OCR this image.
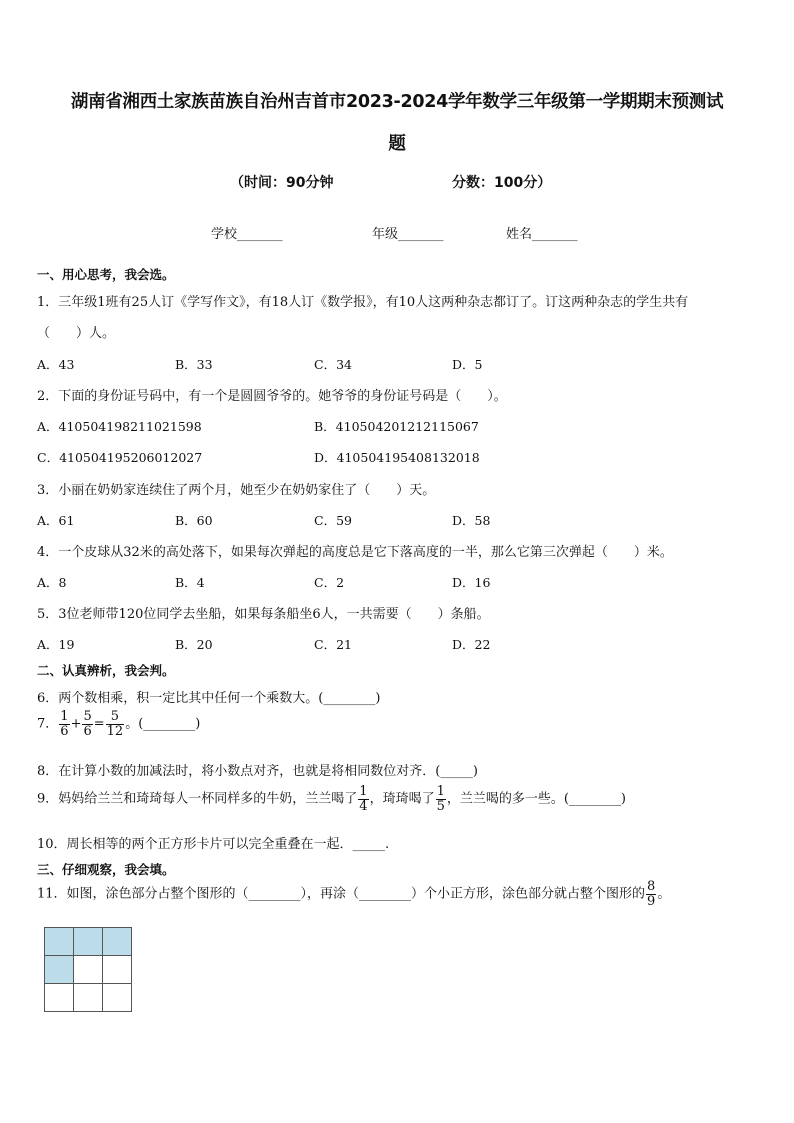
湖南省湘西土家族苗族自治州吉首市2023-2024学年数学三年级第一学期期末预测试
题
（时间：90分钟	分数：100分）
学校_______	年级_______	姓名_______
一、用心思考，我会选。
1．三年级1班有25人订《学写作文》，有18人订《数学报》，有10人这两种杂志都订了。订这两种杂志的学生共有
（　　）人。
A．43	B．33	C．34	D．5
2．下面的身份证号码中，有一个是圆圆爷爷的。她爷爷的身份证号码是（　　）。
A．410504198211021598	B．410504201212115067
C．410504195206012027	D．410504195408132018
3．小丽在奶奶家连续住了两个月，她至少在奶奶家住了（　　）天。
A．61	B．60	C．59	D．58
4．一个皮球从32米的高处落下，如果每次弹起的高度总是它下落高度的一半，那么它第三次弹起（　　）米。
A．8	B．4	C．2	D．16
5．3位老师带120位同学去坐船，如果每条船坐6人，一共需要（　　）条船。
A．19	B．20	C．21	D．22
二、认真辨析，我会判。
6．两个数相乘，积一定比其中任何一个乘数大。(________)
7． $\frac{1}{6} + \frac{5}{6} = \frac{5}{12}$ 。(________)
8．在计算小数的加减法时，将小数点对齐，也就是将相同数位对齐．(_____)
9．妈妈给兰兰和琦琦每人一杯同样多的牛奶，兰兰喝了 $\frac{1}{4}$ ，琦琦喝了 $\frac{1}{5}$ ，兰兰喝的多一些。(________)
10．周长相等的两个正方形卡片可以完全重叠在一起．_____.
三、仔细观察，我会填。
11．如图，涂色部分占整个图形的（________），再涂（________）个小正方形，涂色部分就占整个图形的 $\frac{8}{9}$ 。
